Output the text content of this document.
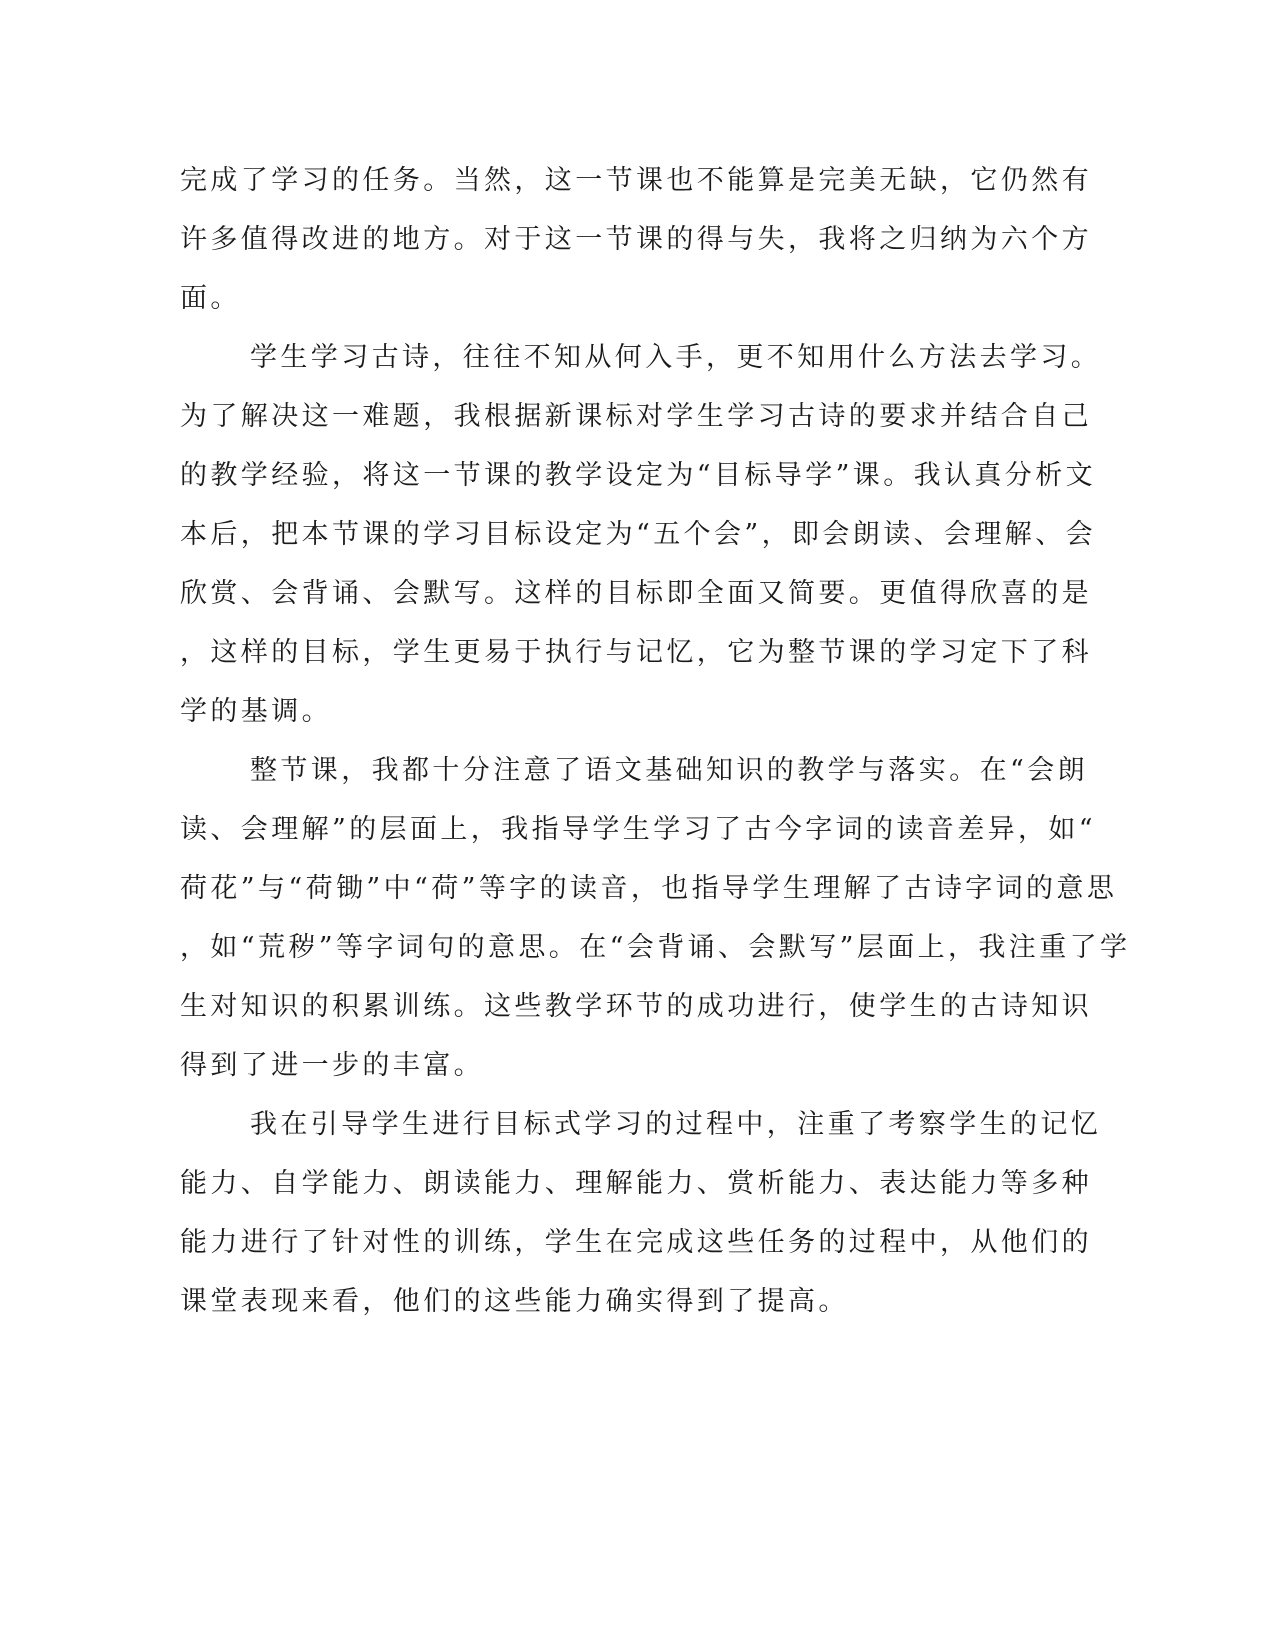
完成了学习的任务。当然，这一节课也不能算是完美无缺，它仍然有
许多值得改进的地方。对于这一节课的得与失，我将之归纳为六个方
面。
学生学习古诗，往往不知从何入手，更不知用什么方法去学习。
为了解决这一难题，我根据新课标对学生学习古诗的要求并结合自己
的教学经验，将这一节课的教学设定为“目标导学”课。我认真分析文
本后，把本节课的学习目标设定为“五个会”，即会朗读、会理解、会
欣赏、会背诵、会默写。这样的目标即全面又简要。更值得欣喜的是
，这样的目标，学生更易于执行与记忆，它为整节课的学习定下了科
学的基调。
整节课，我都十分注意了语文基础知识的教学与落实。在“会朗
读、会理解”的层面上，我指导学生学习了古今字词的读音差异，如“
荷花”与“荷锄”中“荷”等字的读音，也指导学生理解了古诗字词的意思
，如“荒秽”等字词句的意思。在“会背诵、会默写”层面上，我注重了学
生对知识的积累训练。这些教学环节的成功进行，使学生的古诗知识
得到了进一步的丰富。
我在引导学生进行目标式学习的过程中，注重了考察学生的记忆
能力、自学能力、朗读能力、理解能力、赏析能力、表达能力等多种
能力进行了针对性的训练，学生在完成这些任务的过程中，从他们的
课堂表现来看，他们的这些能力确实得到了提高。
